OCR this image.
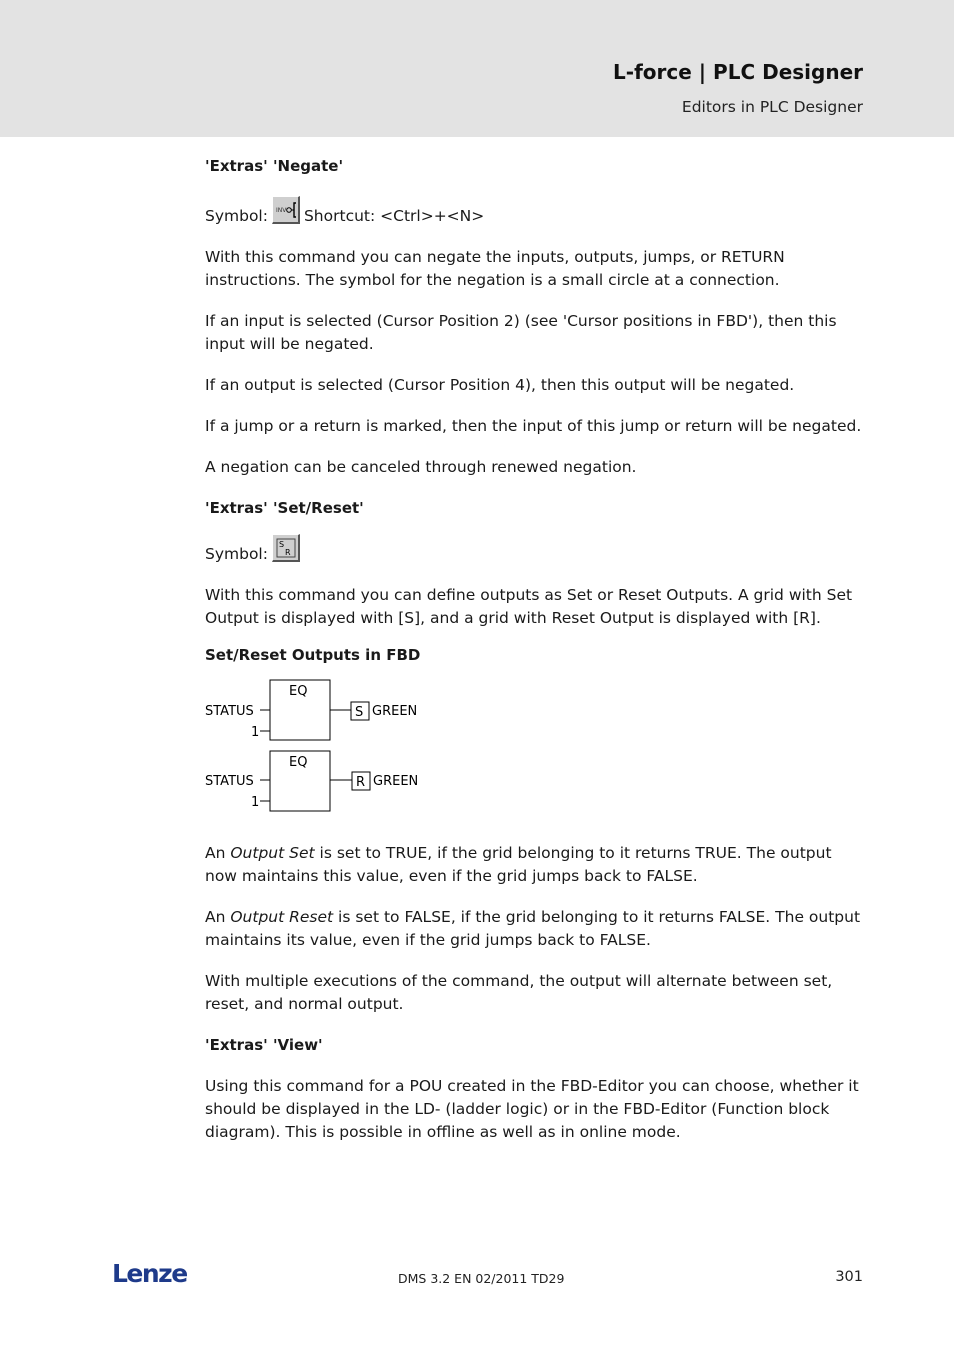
L-force | PLC Designer
Editors in PLC Designer

'Extras' 'Negate'

Symbol: INV Shortcut: <Ctrl>+<N>

With this command you can negate the inputs, outputs, jumps, or RETURN instructions. The symbol for the negation is a small circle at a connection.

If an input is selected (Cursor Position 2) (see 'Cursor positions in FBD'), then this input will be negated.

If an output is selected (Cursor Position 4), then this output will be negated.

If a jump or a return is marked, then the input of this jump or return will be negated.

A negation can be canceled through renewed negation.

'Extras' 'Set/Reset'

Symbol:
S
R

With this command you can define outputs as Set or Reset Outputs. A grid with Set Output is displayed with [S], and a grid with Reset Output is displayed with [R].

Set/Reset Outputs in FBD

EQ
STATUS
1
S GREEN
EQ
STATUS
1
R GREEN

An Output Set is set to TRUE, if the grid belonging to it returns TRUE. The output now maintains this value, even if the grid jumps back to FALSE.

An Output Reset is set to FALSE, if the grid belonging to it returns FALSE. The output maintains its value, even if the grid jumps back to FALSE.

With multiple executions of the command, the output will alternate between set, reset, and normal output.

'Extras' 'View'

Using this command for a POU created in the FBD-Editor you can choose, whether it should be displayed in the LD- (ladder logic) or in the FBD-Editor (Function block diagram). This is possible in offline as well as in online mode.

Lenze	DMS 3.2 EN 02/2011 TD29	301
